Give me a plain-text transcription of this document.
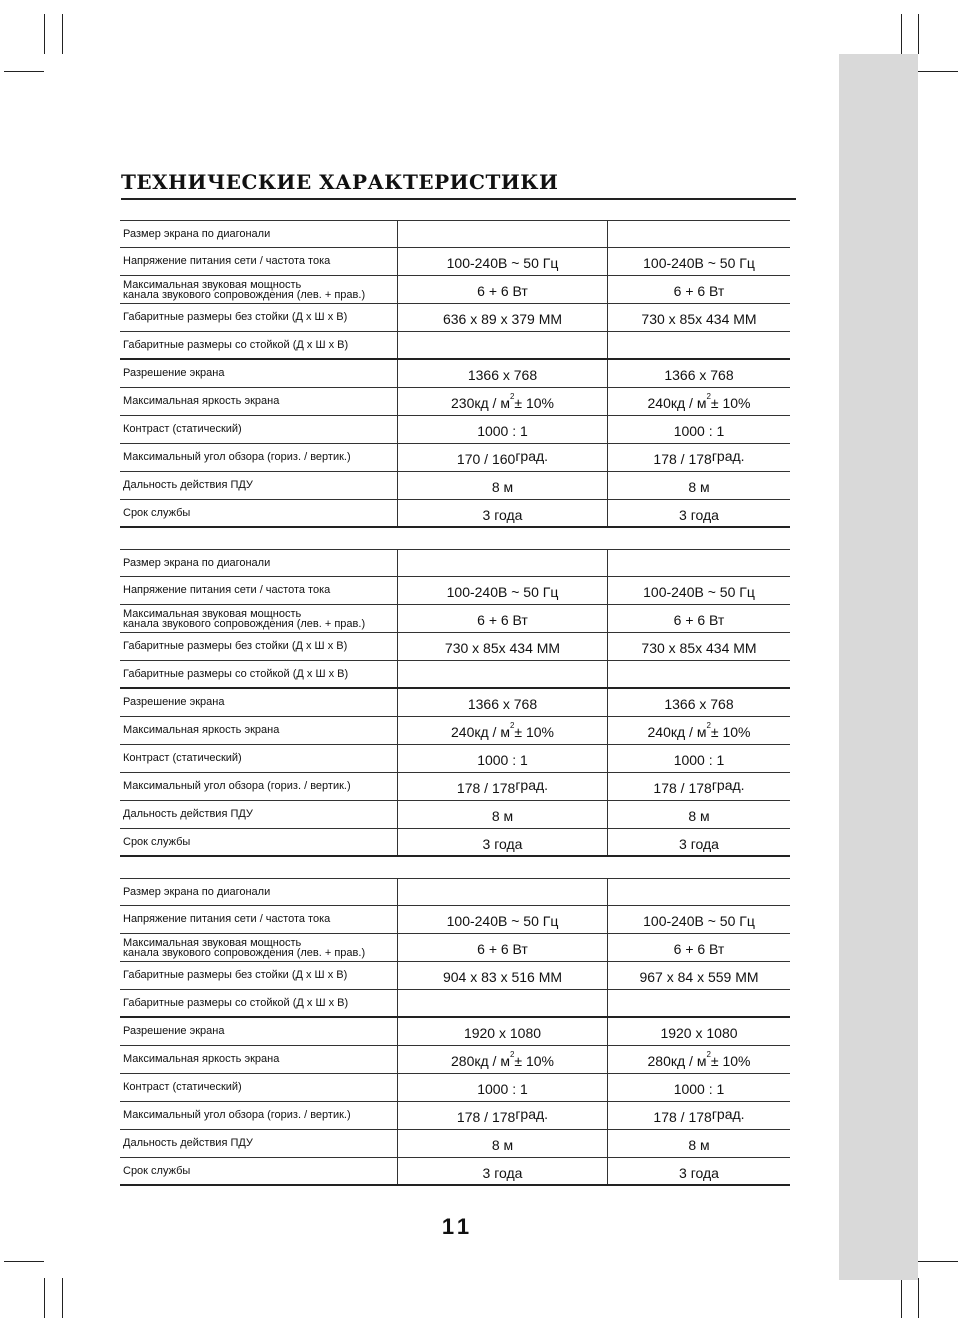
ТЕХНИЧЕСКИЕ ХАРАКТЕРИСТИКИ
Размер экрана по диагонали
Напряжение питания сети / частота тока	100-240В ~ 50 Гц	100-240В ~ 50 Гц
Максимальная звуковая мощность
канала звукового сопровождения (лев. + прав.)	6 + 6 Вт	6 + 6 Вт
Габаритные размеры без стойки (Д х Ш х В)	636 х 89 х 379 ММ	730 х 85х 434 ММ
Габаритные размеры со стойкой (Д х Ш х В)
Разрешение экрана	1366 х 768	1366 х 768
Максимальная яркость экрана	230 кд / м 2 ± 10%	240 кд / м 2 ± 10%
Контраст (статический)	1000 : 1	1000 : 1
Максимальный угол обзора (гориз. / вертик.)	170 / 160 град.	178 / 178 град.
Дальность действия ПДУ	8 м	8 м
Срок службы	3 года	3 года
Размер экрана по диагонали
Напряжение питания сети / частота тока	100-240В ~ 50 Гц	100-240В ~ 50 Гц
Максимальная звуковая мощность
канала звукового сопровождения (лев. + прав.)	6 + 6 Вт	6 + 6 Вт
Габаритные размеры без стойки (Д х Ш х В)	730 х 85х 434 ММ	730 х 85х 434 ММ
Габаритные размеры со стойкой (Д х Ш х В)
Разрешение экрана	1366 х 768	1366 х 768
Максимальная яркость экрана	240 кд / м 2 ± 10%	240 кд / м 2 ± 10%
Контраст (статический)	1000 : 1	1000 : 1
Максимальный угол обзора (гориз. / вертик.)	178 / 178 град.	178 / 178 град.
Дальность действия ПДУ	8 м	8 м
Срок службы	3 года	3 года
Размер экрана по диагонали
Напряжение питания сети / частота тока	100-240В ~ 50 Гц	100-240В ~ 50 Гц
Максимальная звуковая мощность
канала звукового сопровождения (лев. + прав.)	6 + 6 Вт	6 + 6 Вт
Габаритные размеры без стойки (Д х Ш х В)	904 х 83 х 516 ММ	967 х 84 х 559 ММ
Габаритные размеры со стойкой (Д х Ш х В)
Разрешение экрана	1920 х 1080	1920 х 1080
Максимальная яркость экрана	280 кд / м 2 ± 10%	280 кд / м 2 ± 10%
Контраст (статический)	1000 : 1	1000 : 1
Максимальный угол обзора (гориз. / вертик.)	178 / 178 град.	178 / 178 град.
Дальность действия ПДУ	8 м	8 м
Срок службы	3 года	3 года
11
